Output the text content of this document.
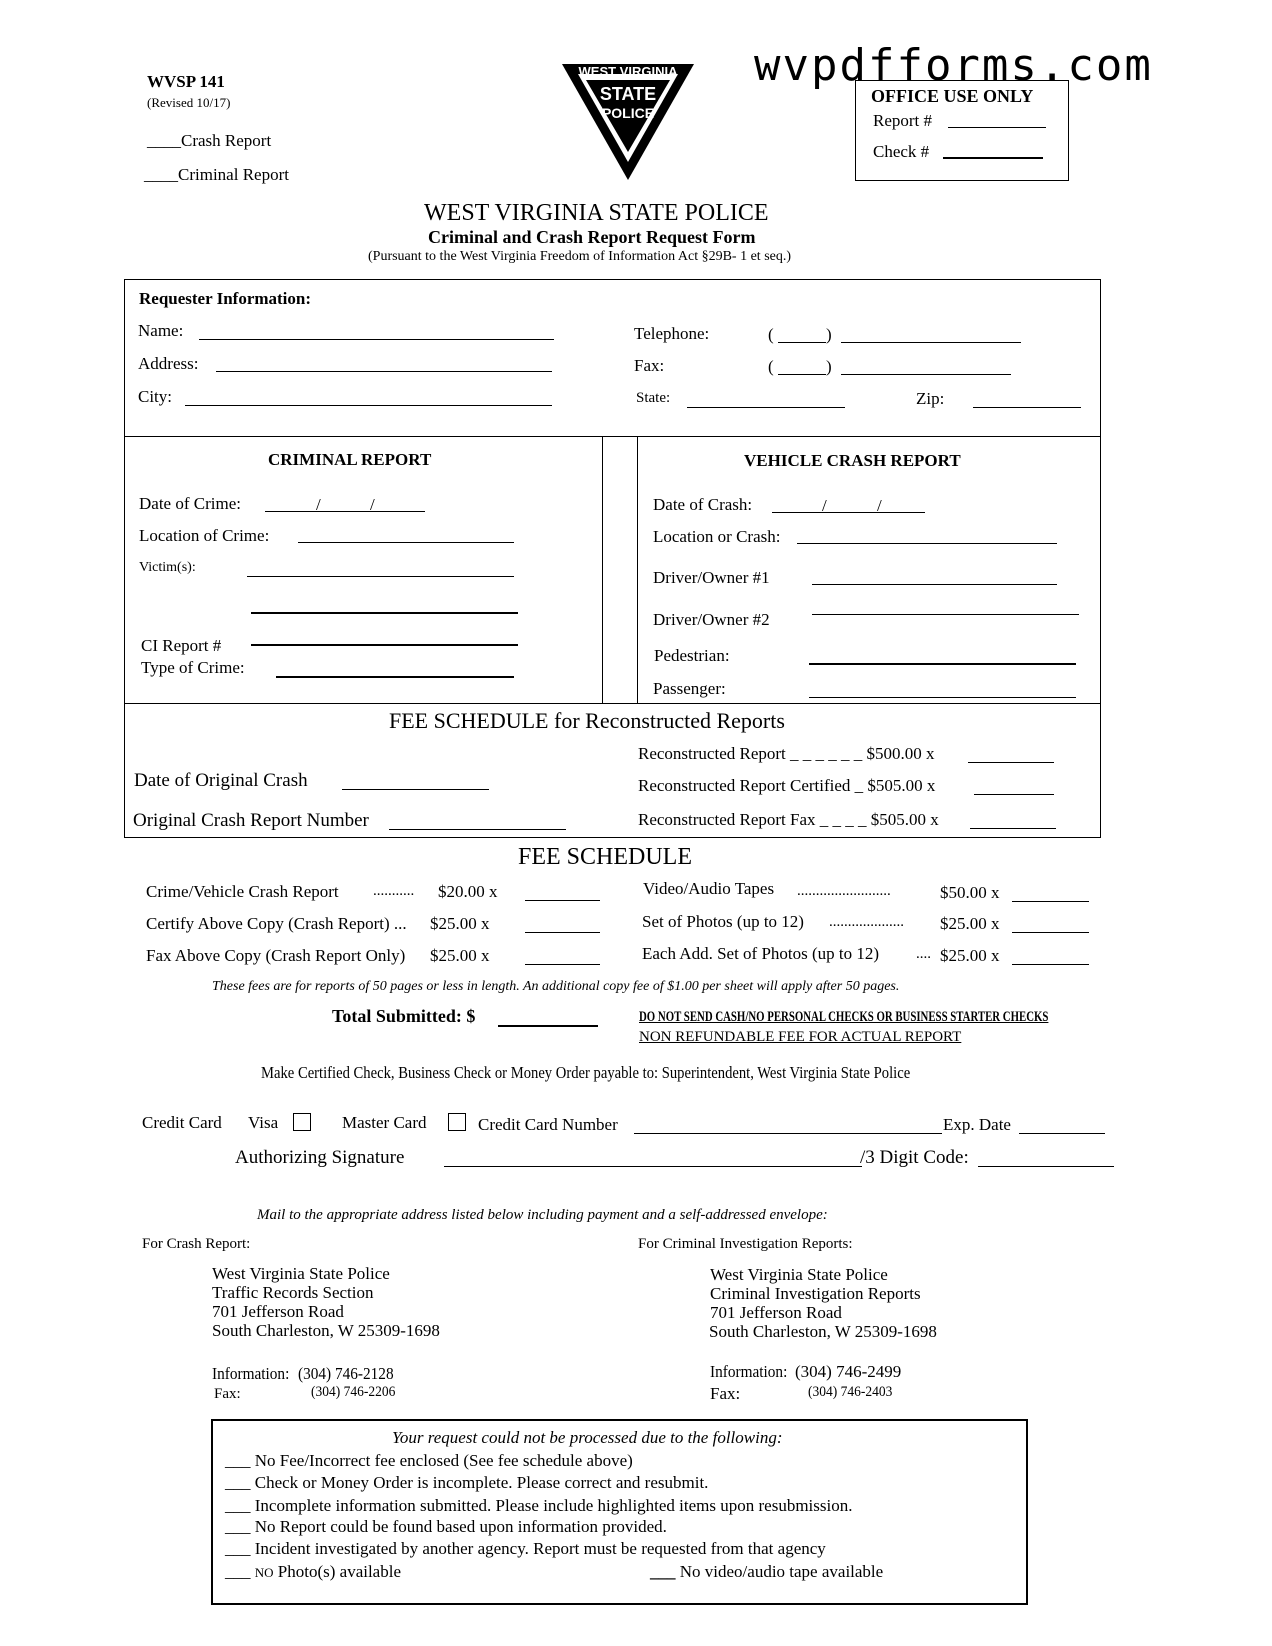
wvpdfforms.com
WVSP 141
(Revised 10/17)
____Crash Report
____Criminal Report
WEST VIRGINIA
STATE
POLICE
OFFICE USE ONLY
Report #
Check #
WEST VIRGINIA STATE POLICE
Criminal and Crash Report Request Form
(Pursuant to the West Virginia Freedom of Information Act §29B- 1 et seq.)
Requester Information:
Name:
Address:
City:
Telephone:	(	)
Fax:	(	)
State:	Zip:
CRIMINAL REPORT
Date of Crime:	/	/
Location of Crime:
Victim(s):
CI Report #
Type of Crime:
VEHICLE CRASH REPORT
Date of Crash:	/	/
Location or Crash:
Driver/Owner #1
Driver/Owner #2
Pedestrian:
Passenger:
FEE SCHEDULE for Reconstructed Reports
Reconstructed Report _ _ _ _ _ _ $500.00 x
Date of Original Crash	Reconstructed Report Certified _ $505.00 x
Original Crash Report Number	Reconstructed Report Fax _ _ _ _ $505.00 x
FEE SCHEDULE
Crime/Vehicle Crash Report ........... $20.00 x
Certify Above Copy (Crash Report) ... $25.00 x
Fax Above Copy (Crash Report Only) $25.00 x
Video/Audio Tapes .........................	$50.00 x
Set of Photos (up to 12) .................... $25.00 x
Each Add. Set of Photos (up to 12) .... $25.00 x
These fees are for reports of 50 pages or less in length. An additional copy fee of $1.00 per sheet will apply after 50 pages.
Total Submitted: $	DO NOT SEND CASH/NO PERSONAL CHECKS OR BUSINESS STARTER CHECKS
NON REFUNDABLE FEE FOR ACTUAL REPORT
Make Certified Check, Business Check or Money Order payable to: Superintendent, West Virginia State Police
Credit Card Visa	Master Card	Credit Card Number	Exp. Date
Authorizing Signature	/3 Digit Code:
Mail to the appropriate address listed below including payment and a self-addressed envelope:
For Crash Report:
West Virginia State Police
Traffic Records Section
701 Jefferson Road
South Charleston, W 25309-1698
Information: (304) 746-2128
Fax:	(304) 746-2206
For Criminal Investigation Reports:
West Virginia State Police
Criminal Investigation Reports
701 Jefferson Road
South Charleston, W 25309-1698
Information: (304) 746-2499
Fax:	(304) 746-2403
Your request could not be processed due to the following:
___ No Fee/Incorrect fee enclosed (See fee schedule above)
___ Check or Money Order is incomplete. Please correct and resubmit.
___ Incomplete information submitted. Please include highlighted items upon resubmission.
___ No Report could be found based upon information provided.
___ Incident investigated by another agency. Report must be requested from that agency
___ NO Photo(s) available	___ No video/audio tape available
